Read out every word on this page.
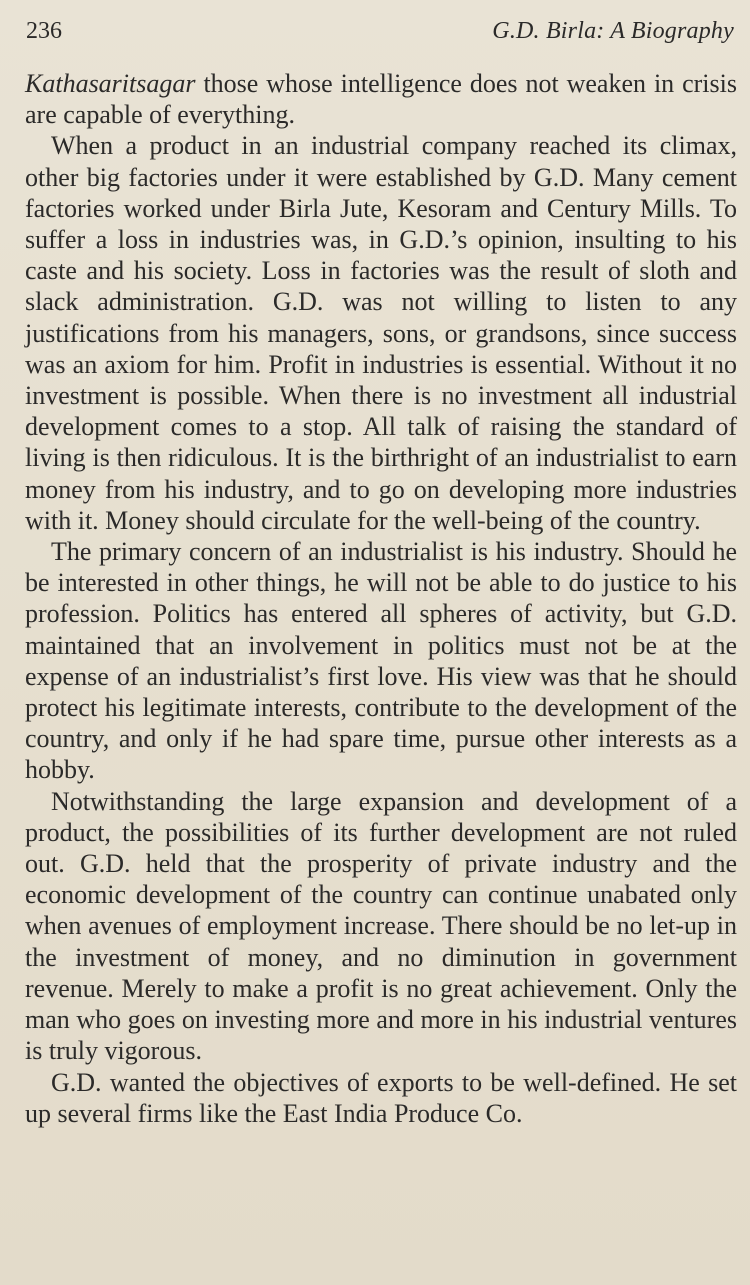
236	G.D. Birla: A Biography

Kathasaritsagar those whose intelligence does not weaken in crisis are capable of everything.

When a product in an industrial company reached its climax, other big factories under it were established by G.D. Many cement factories worked under Birla Jute, Kesoram and Century Mills. To suffer a loss in industries was, in G.D.’s opinion, insulting to his caste and his society. Loss in factories was the result of sloth and slack administration. G.D. was not willing to listen to any justifications from his managers, sons, or grandsons, since success was an axiom for him. Profit in industries is essential. Without it no investment is possible. When there is no investment all industrial development comes to a stop. All talk of raising the standard of living is then ridiculous. It is the birthright of an industrialist to earn money from his industry, and to go on developing more industries with it. Money should circulate for the well-being of the country.

The primary concern of an industrialist is his industry. Should he be interested in other things, he will not be able to do justice to his profession. Politics has entered all spheres of activity, but G.D. maintained that an involvement in politics must not be at the expense of an industrialist’s first love. His view was that he should protect his legitimate interests, contribute to the development of the country, and only if he had spare time, pursue other interests as a hobby.

Notwithstanding the large expansion and development of a product, the possibilities of its further development are not ruled out. G.D. held that the prosperity of private industry and the economic development of the country can continue unabated only when avenues of employment increase. There should be no let-up in the investment of money, and no diminution in government revenue. Merely to make a profit is no great achievement. Only the man who goes on investing more and more in his industrial ventures is truly vigorous.

G.D. wanted the objectives of exports to be well-defined. He set up several firms like the East India Produce Co.
